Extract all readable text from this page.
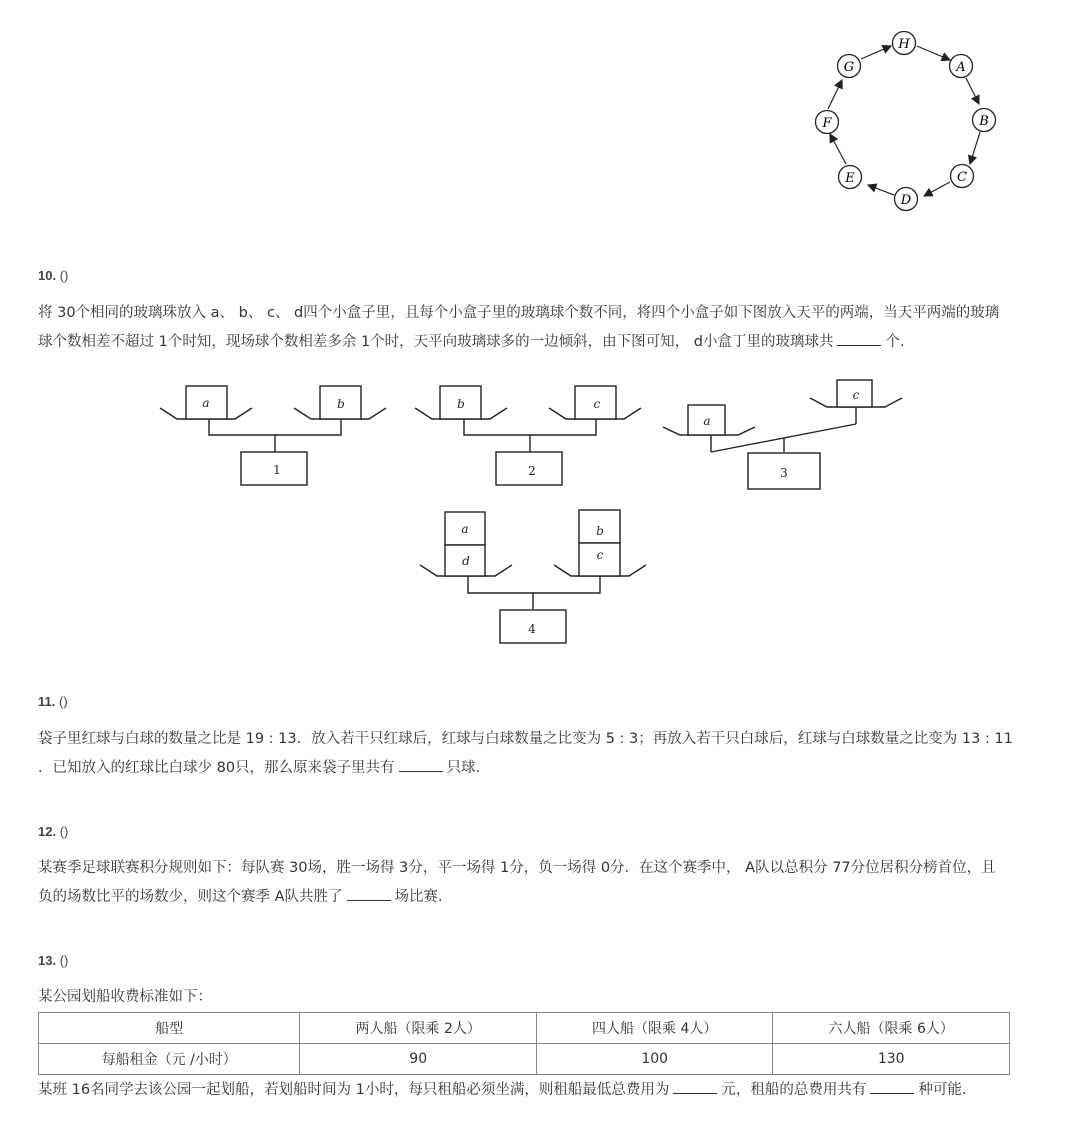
H
A
B
C
D
E
F
G
10. ()
将 30个相同的玻璃珠放入 a、 b、 c、 d四个小盒子里，且每个小盒子里的玻璃球个数不同，将四个小盒子如下图放入天平的两端，当天平两端的玻璃
球个数相差不超过 1个时知，现场球个数相差多余 1个时，天平向玻璃球多的一边倾斜，由下图可知， d小盒丁里的玻璃球共	个.
a	b	b	c
a
c
a
d
b
c
1	2	3
4
11. ()
袋子里红球与白球的数量之比是 19 : 13．放入若干只红球后，红球与白球数量之比变为 5 : 3；再放入若干只白球后，红球与白球数量之比变为 13 : 11
．已知放入的红球比白球少 80只，那么原来袋子里共有	只球.
12. ()
某赛季足球联赛积分规则如下：每队赛 30场，胜一场得 3分，平一场得 1分，负一场得 0分．在这个赛季中， A队以总积分 77分位居积分榜首位，且
负的场数比平的场数少，则这个赛季 A队共胜了	场比赛.
13. ()
某公园划船收费标准如下：
船型	两人船（限乘 2人）	四人船（限乘 4人）	六人船（限乘 6人）
每船租金（元 /小时）	90	100	130
某班 16名同学去该公园一起划船，若划船时间为 1小时，每只租船必须坐满，则租船最低总费用为	元，租船的总费用共有	种可能.
